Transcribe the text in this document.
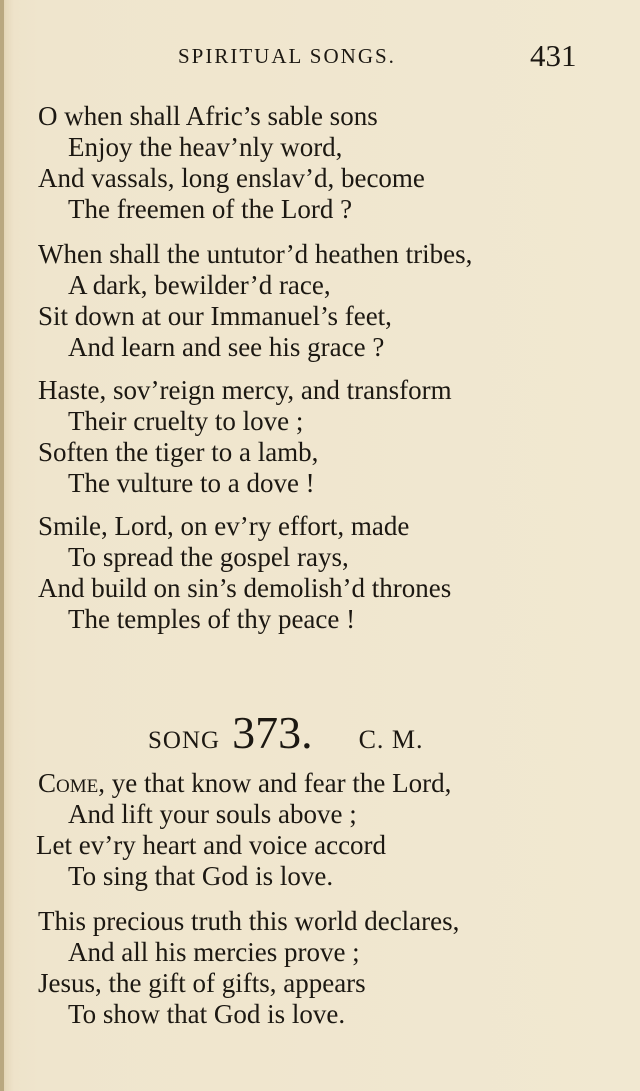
SPIRITUAL SONGS.	431
O when shall Afric’s sable sons
Enjoy the heav’nly word,
And vassals, long enslav’d, become
The freemen of the Lord ?
When shall the untutor’d heathen tribes,
A dark, bewilder’d race,
Sit down at our Immanuel’s feet,
And learn and see his grace ?
Haste, sov’reign mercy, and transform
Their cruelty to love ;
Soften the tiger to a lamb,
The vulture to a dove !
Smile, Lord, on ev’ry effort, made
To spread the gospel rays,
And build on sin’s demolish’d thrones
The temples of thy peace !
SONG 373. C. M.
Come, ye that know and fear the Lord,
And lift your souls above ;
Let ev’ry heart and voice accord
To sing that God is love.
This precious truth this world declares,
And all his mercies prove ;
Jesus, the gift of gifts, appears
To show that God is love.
